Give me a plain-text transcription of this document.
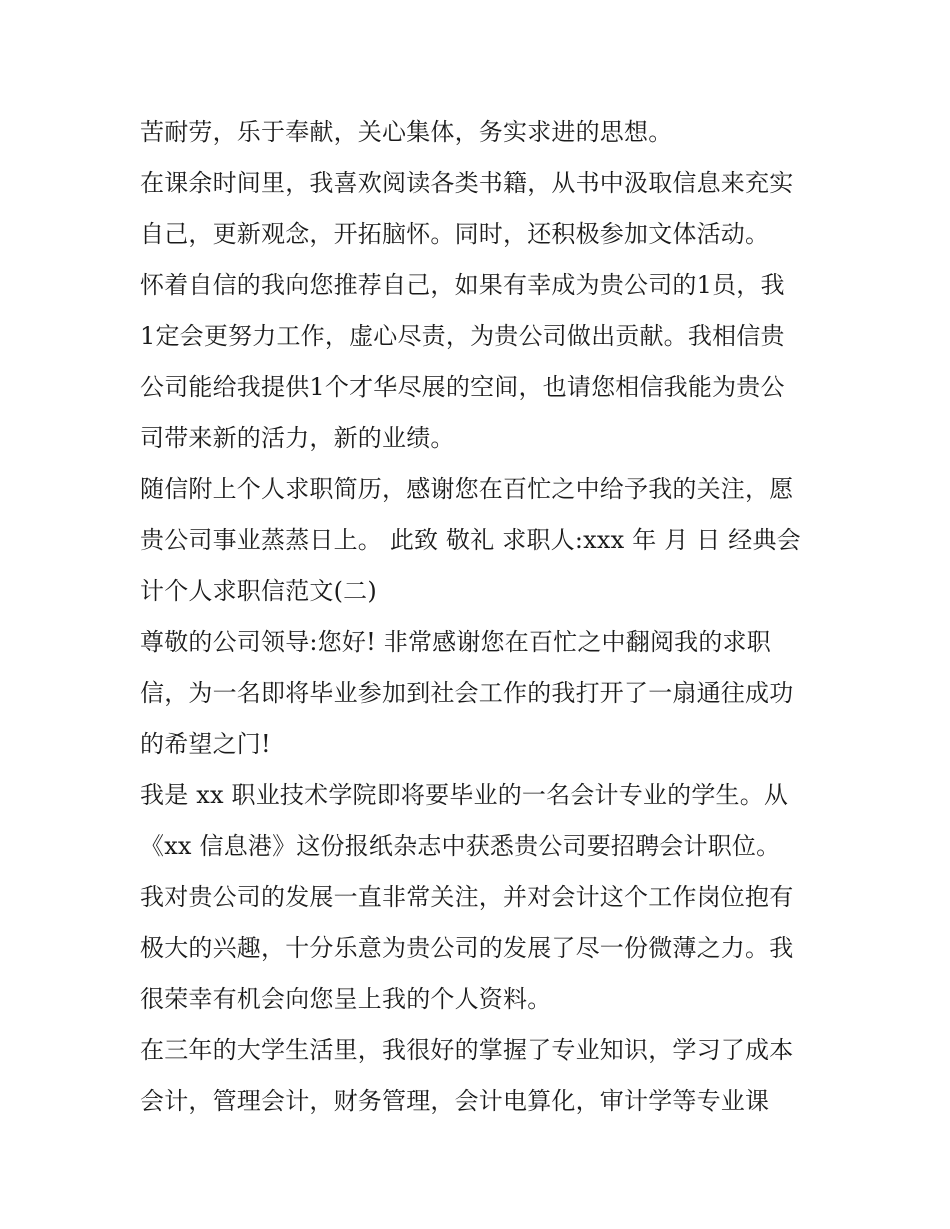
苦耐劳，乐于奉献，关心集体，务实求进的思想。
在课余时间里，我喜欢阅读各类书籍，从书中汲取信息来充实
自己，更新观念，开拓脑怀。同时，还积极参加文体活动。
怀着自信的我向您推荐自己，如果有幸成为贵公司的1员，我
1定会更努力工作，虚心尽责，为贵公司做出贡献。我相信贵
公司能给我提供1个才华尽展的空间，也请您相信我能为贵公
司带来新的活力，新的业绩。
随信附上个人求职简历，感谢您在百忙之中给予我的关注，愿
贵公司事业蒸蒸日上。 此致 敬礼 求职人:xxx 年 月 日 经典会
计个人求职信范文(二)
尊敬的公司领导:您好! 非常感谢您在百忙之中翻阅我的求职
信，为一名即将毕业参加到社会工作的我打开了一扇通往成功
的希望之门!
我是 xx 职业技术学院即将要毕业的一名会计专业的学生。从
《xx 信息港》这份报纸杂志中获悉贵公司要招聘会计职位。
我对贵公司的发展一直非常关注，并对会计这个工作岗位抱有
极大的兴趣，十分乐意为贵公司的发展了尽一份微薄之力。我
很荣幸有机会向您呈上我的个人资料。
在三年的大学生活里，我很好的掌握了专业知识，学习了成本
会计，管理会计，财务管理，会计电算化，审计学等专业课
